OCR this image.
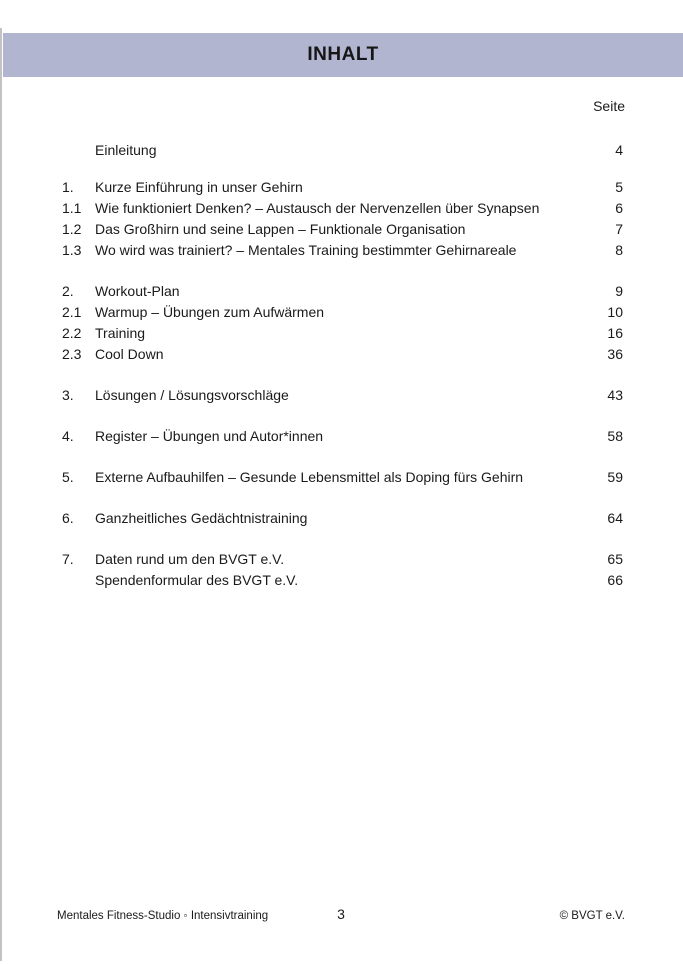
INHALT
Seite
Einleitung	4
1.	Kurze Einführung in unser Gehirn	5
1.1 Wie funktioniert Denken? – Austausch der Nervenzellen über Synapsen	6
1.2 Das Großhirn und seine Lappen – Funktionale Organisation	7
1.3 Wo wird was trainiert? – Mentales Training bestimmter Gehirnareale	8
2.	Workout-Plan	9
2.1 Warmup – Übungen zum Aufwärmen	10
2.2 Training	16
2.3 Cool Down	36
3.	Lösungen / Lösungsvorschläge	43
4.	Register – Übungen und Autor*innen	58
5.	Externe Aufbauhilfen – Gesunde Lebensmittel als Doping fürs Gehirn	59
6.	Ganzheitliches Gedächtnistraining	64
7.	Daten rund um den BVGT e.V.	65
Spendenformular des BVGT e.V.	66
Mentales Fitness-Studio ◦ Intensivtraining	3	© BVGT e.V.
